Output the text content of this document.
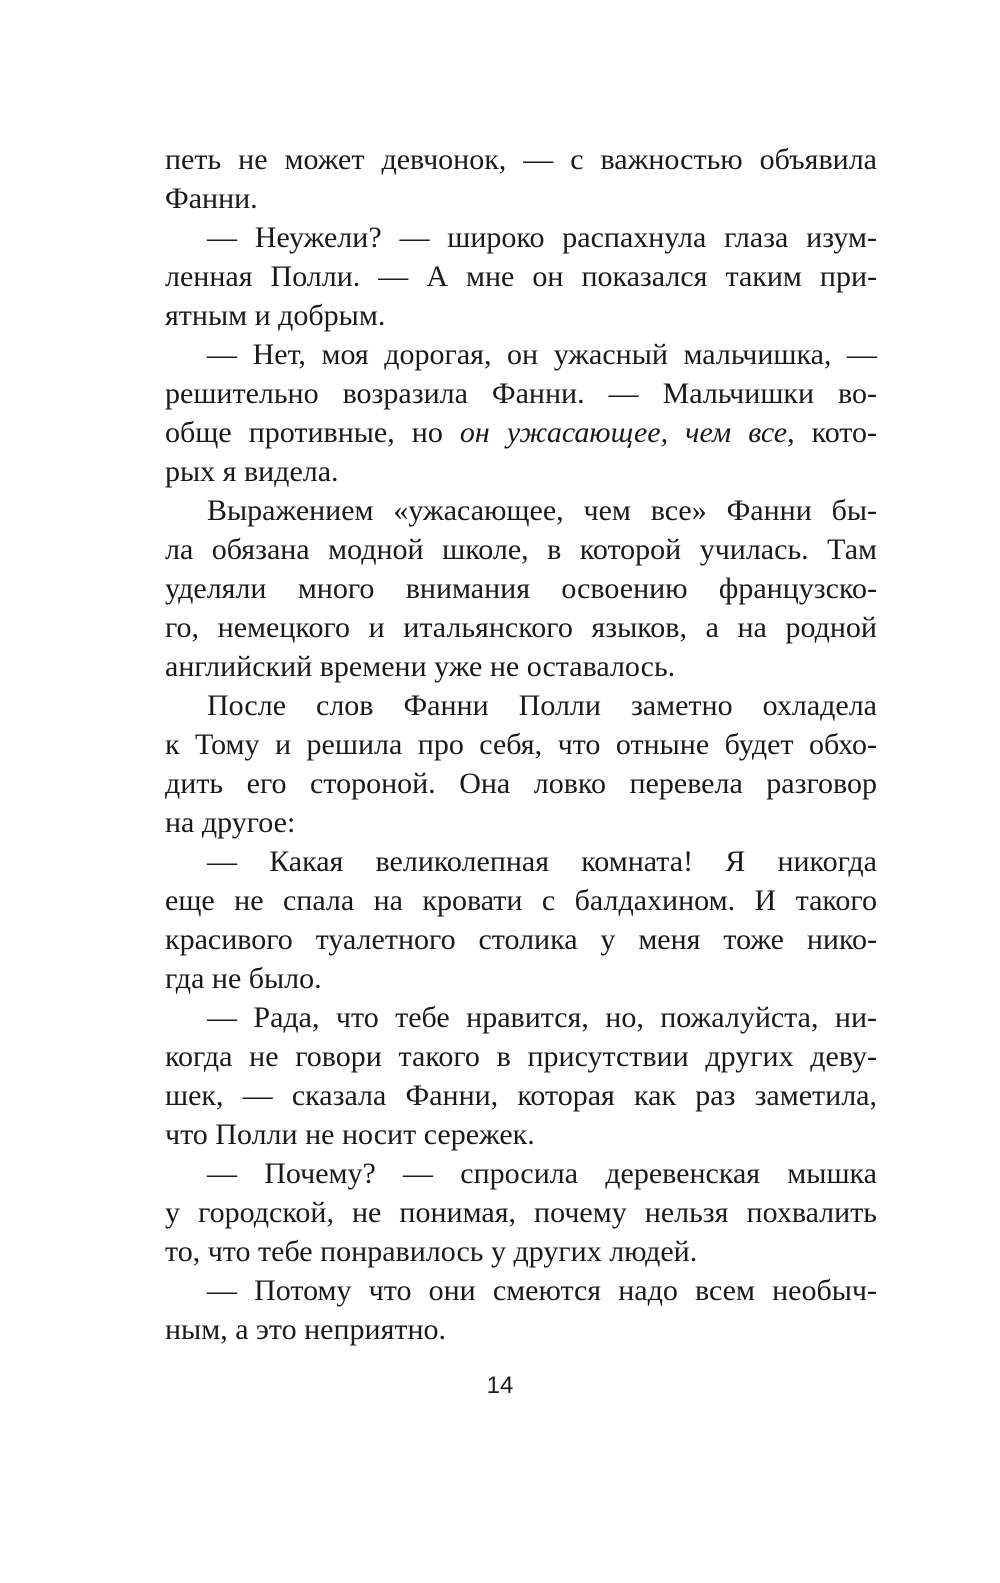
петь не может девчонок, — с важностью объявила
Фанни.
— Неужели? — широко распахнула глаза изум-
ленная Полли. — А мне он показался таким при-
ятным и добрым.
— Нет, моя дорогая, он ужасный мальчишка, —
решительно возразила Фанни. — Мальчишки во-
обще противные, но он ужасающее, чем все, кото-
рых я видела.
Выражением «ужасающее, чем все» Фанни бы-
ла обязана модной школе, в которой училась. Там
уделяли много внимания освоению французско-
го, немецкого и итальянского языков, а на родной
английский времени уже не оставалось.
После слов Фанни Полли заметно охладела
к Тому и решила про себя, что отныне будет обхо-
дить его стороной. Она ловко перевела разговор
на другое:
— Какая великолепная комната! Я никогда
еще не спала на кровати с балдахином. И такого
красивого туалетного столика у меня тоже нико-
гда не было.
— Рада, что тебе нравится, но, пожалуйста, ни-
когда не говори такого в присутствии других деву-
шек, — сказала Фанни, которая как раз заметила,
что Полли не носит сережек.
— Почему? — спросила деревенская мышка
у городской, не понимая, почему нельзя похвалить
то, что тебе понравилось у других людей.
— Потому что они смеются надо всем необыч-
ным, а это неприятно.
14
